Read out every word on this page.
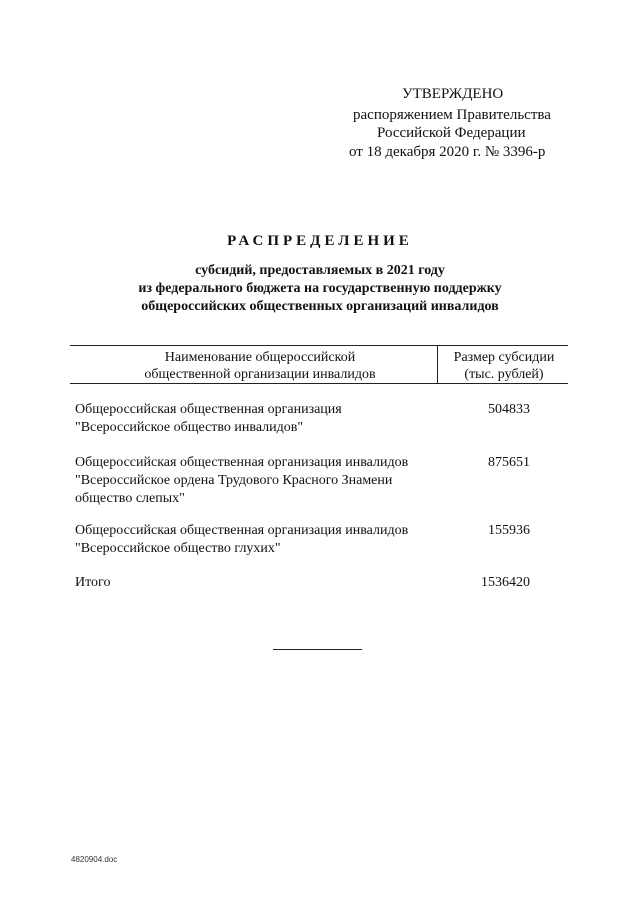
УТВЕРЖДЕНО
распоряжением Правительства
Российской Федерации
от 18 декабря 2020 г. № 3396-р
РАСПРЕДЕЛЕНИЕ
субсидий, предоставляемых в 2021 году
из федерального бюджета на государственную поддержку
общероссийских общественных организаций инвалидов
Наименование общероссийской
общественной организации инвалидов
Размер субсидии
(тыс. рублей)
Общероссийская общественная организация
"Всероссийское общество инвалидов"
504833
Общероссийская общественная организация инвалидов
"Всероссийское ордена Трудового Красного Знамени
общество слепых"
875651
Общероссийская общественная организация инвалидов
"Всероссийское общество глухих"
155936
Итого	1536420
4820904.doc
